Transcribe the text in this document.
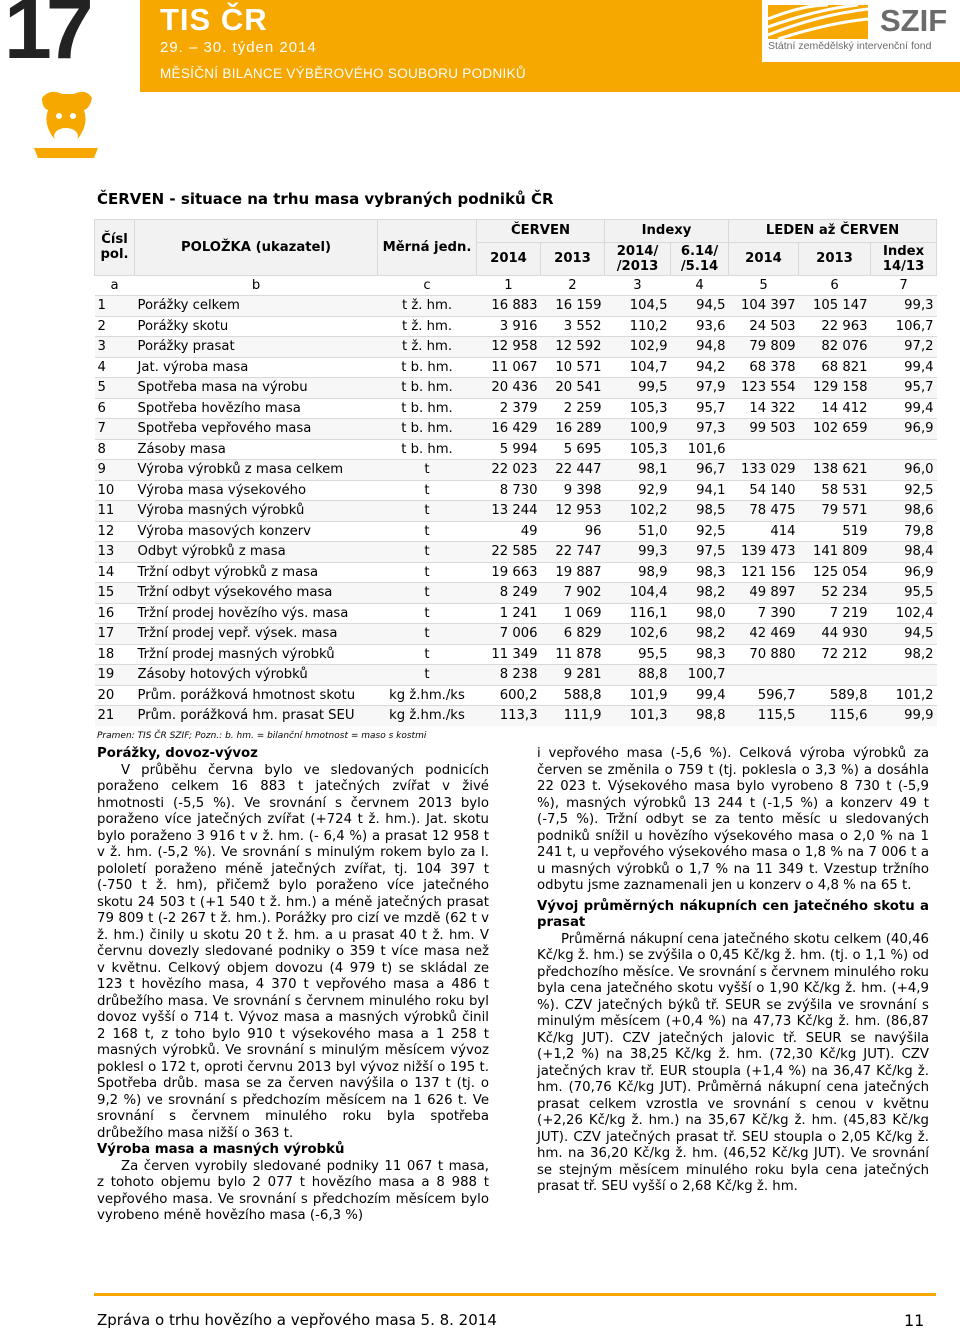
17 TIS ČR
29. – 30. týden 2014
MĚSÍČNÍ BILANCE VÝBĚROVÉHO SOUBORU PODNIKŮ
SZIF
Státní zemědělský intervenční fond
ČERVEN - situace na trhu masa vybraných podniků ČR
Čísl pol.	POLOŽKA (ukazatel)	Měrná jedn.	ČERVEN		Indexy		LEDEN až ČERVEN		
			2014	2013	2014/ /2013	6.14/ /5.14	2014	2013	Index 14/13
a	b	c	1	2	3	4	5	6	7
1	Porážky celkem	t ž. hm.	16 883	16 159	104,5	94,5	104 397	105 147	99,3
2	Porážky skotu	t ž. hm.	3 916	3 552	110,2	93,6	24 503	22 963	106,7
3	Porážky prasat	t ž. hm.	12 958	12 592	102,9	94,8	79 809	82 076	97,2
4	Jat. výroba masa	t b. hm.	11 067	10 571	104,7	94,2	68 378	68 821	99,4
5	Spotřeba masa na výrobu	t b. hm.	20 436	20 541	99,5	97,9	123 554	129 158	95,7
6	Spotřeba hovězího masa	t b. hm.	2 379	2 259	105,3	95,7	14 322	14 412	99,4
7	Spotřeba vepřového masa	t b. hm.	16 429	16 289	100,9	97,3	99 503	102 659	96,9
8	Zásoby masa	t b. hm.	5 994	5 695	105,3	101,6			
9	Výroba výrobků z masa celkem	t	22 023	22 447	98,1	96,7	133 029	138 621	96,0
10	Výroba masa výsekového	t	8 730	9 398	92,9	94,1	54 140	58 531	92,5
11	Výroba masných výrobků	t	13 244	12 953	102,2	98,5	78 475	79 571	98,6
12	Výroba masových konzerv	t	49	96	51,0	92,5	414	519	79,8
13	Odbyt výrobků z masa	t	22 585	22 747	99,3	97,5	139 473	141 809	98,4
14	Tržní odbyt výrobků z masa	t	19 663	19 887	98,9	98,3	121 156	125 054	96,9
15	Tržní odbyt výsekového masa	t	8 249	7 902	104,4	98,2	49 897	52 234	95,5
16	Tržní prodej hovězího výs. masa	t	1 241	1 069	116,1	98,0	7 390	7 219	102,4
17	Tržní prodej vepř. výsek. masa	t	7 006	6 829	102,6	98,2	42 469	44 930	94,5
18	Tržní prodej masných výrobků	t	11 349	11 878	95,5	98,3	70 880	72 212	98,2
19	Zásoby hotových výrobků	t	8 238	9 281	88,8	100,7			
20	Prům. porážková hmotnost skotu	kg ž.hm./ks	600,2	588,8	101,9	99,4	596,7	589,8	101,2
21	Prům. porážková hm. prasat SEU	kg ž.hm./ks	113,3	111,9	101,3	98,8	115,5	115,6	99,9
Pramen: TIS ČR SZIF; Pozn.: b. hm. = bilanční hmotnost = maso s kostmi
Porážky, dovoz-vývoz

V průběhu června bylo ve sledovaných podnicích poraženo celkem 16 883 t jatečných zvířat v živé hmotnosti (-5,5 %). Ve srovnání s červnem 2013 bylo poraženo více jatečných zvířat (+724 t ž. hm.). Jat. skotu bylo poraženo 3 916 t v ž. hm. (- 6,4 %) a prasat 12 958 t v ž. hm. (-5,2 %). Ve srovnání s minulým rokem bylo za I. pololetí poraženo méně jatečných zvířat, tj. 104 397 t (-750 t ž. hm), přičemž bylo poraženo více jatečného skotu 24 503 t (+1 540 t ž. hm.) a méně jatečných prasat 79 809 t (-2 267 t ž. hm.). Porážky pro cizí ve mzdě (62 t v ž. hm.) činily u skotu 20 t ž. hm. a u prasat 40 t ž. hm. V červnu dovezly sledované podniky o 359 t více masa než v květnu. Celkový objem dovozu (4 979 t) se skládal ze 123 t hovězího masa, 4 370 t vepřového masa a 486 t drůbežího masa. Ve srovnání s červnem minulého roku byl dovoz vyšší o 714 t. Vývoz masa a masných výrobků činil 2 168 t, z toho bylo 910 t výsekového masa a 1 258 t masných výrobků. Ve srovnání s minulým měsícem vývoz poklesl o 172 t, oproti červnu 2013 byl vývoz nižší o 195 t. Spotřeba drůb. masa se za červen navýšila o 137 t (tj. o 9,2 %) ve srovnání s předchozím měsícem na 1 626 t. Ve srovnání s červnem minulého roku byla spotřeba drůbežího masa nižší o 363 t.

Výroba masa a masných výrobků

Za červen vyrobily sledované podniky 11 067 t masa, z tohoto objemu bylo 2 077 t hovězího masa a 8 988 t vepřového masa. Ve srovnání s předchozím měsícem bylo vyrobeno méně hovězího masa (-6,3 %)

i vepřového masa (-5,6 %). Celková výroba výrobků za červen se změnila o 759 t (tj. poklesla o 3,3 %) a dosáhla 22 023 t. Výsekového masa bylo vyrobeno 8 730 t (-5,9 %), masných výrobků 13 244 t (-1,5 %) a konzerv 49 t (-7,5 %). Tržní odbyt se za tento měsíc u sledovaných podniků snížil u hovězího výsekového masa o 2,0 % na 1 241 t, u vepřového výsekového masa o 1,8 % na 7 006 t a u masných výrobků o 1,7 % na 11 349 t. Vzestup tržního odbytu jsme zaznamenali jen u konzerv o 4,8 % na 65 t.

Vývoj průměrných nákupních cen jatečného skotu a prasat

Průměrná nákupní cena jatečného skotu celkem (40,46 Kč/kg ž. hm.) se zvýšila o 0,45 Kč/kg ž. hm. (tj. o 1,1 %) od předchozího měsíce. Ve srovnání s červnem minulého roku byla cena jatečného skotu vyšší o 1,90 Kč/kg ž. hm. (+4,9 %). CZV jatečných býků tř. SEUR se zvýšila ve srovnání s minulým měsícem (+0,4 %) na 47,73 Kč/kg ž. hm. (86,87 Kč/kg JUT). CZV jatečných jalovic tř. SEUR se navýšila (+1,2 %) na 38,25 Kč/kg ž. hm. (72,30 Kč/kg JUT). CZV jatečných krav tř. EUR stoupla (+1,4 %) na 36,47 Kč/kg ž. hm. (70,76 Kč/kg JUT). Průměrná nákupní cena jatečných prasat celkem vzrostla ve srovnání s cenou v květnu (+2,26 Kč/kg ž. hm.) na 35,67 Kč/kg ž. hm. (45,83 Kč/kg JUT). CZV jatečných prasat tř. SEU stoupla o 2,05 Kč/kg ž. hm. na 36,20 Kč/kg ž. hm. (46,52 Kč/kg JUT). Ve srovnání se stejným měsícem minulého roku byla cena jatečných prasat tř. SEU vyšší o 2,68 Kč/kg ž. hm.

Zpráva o trhu hovězího a vepřového masa 5. 8. 2014	11
